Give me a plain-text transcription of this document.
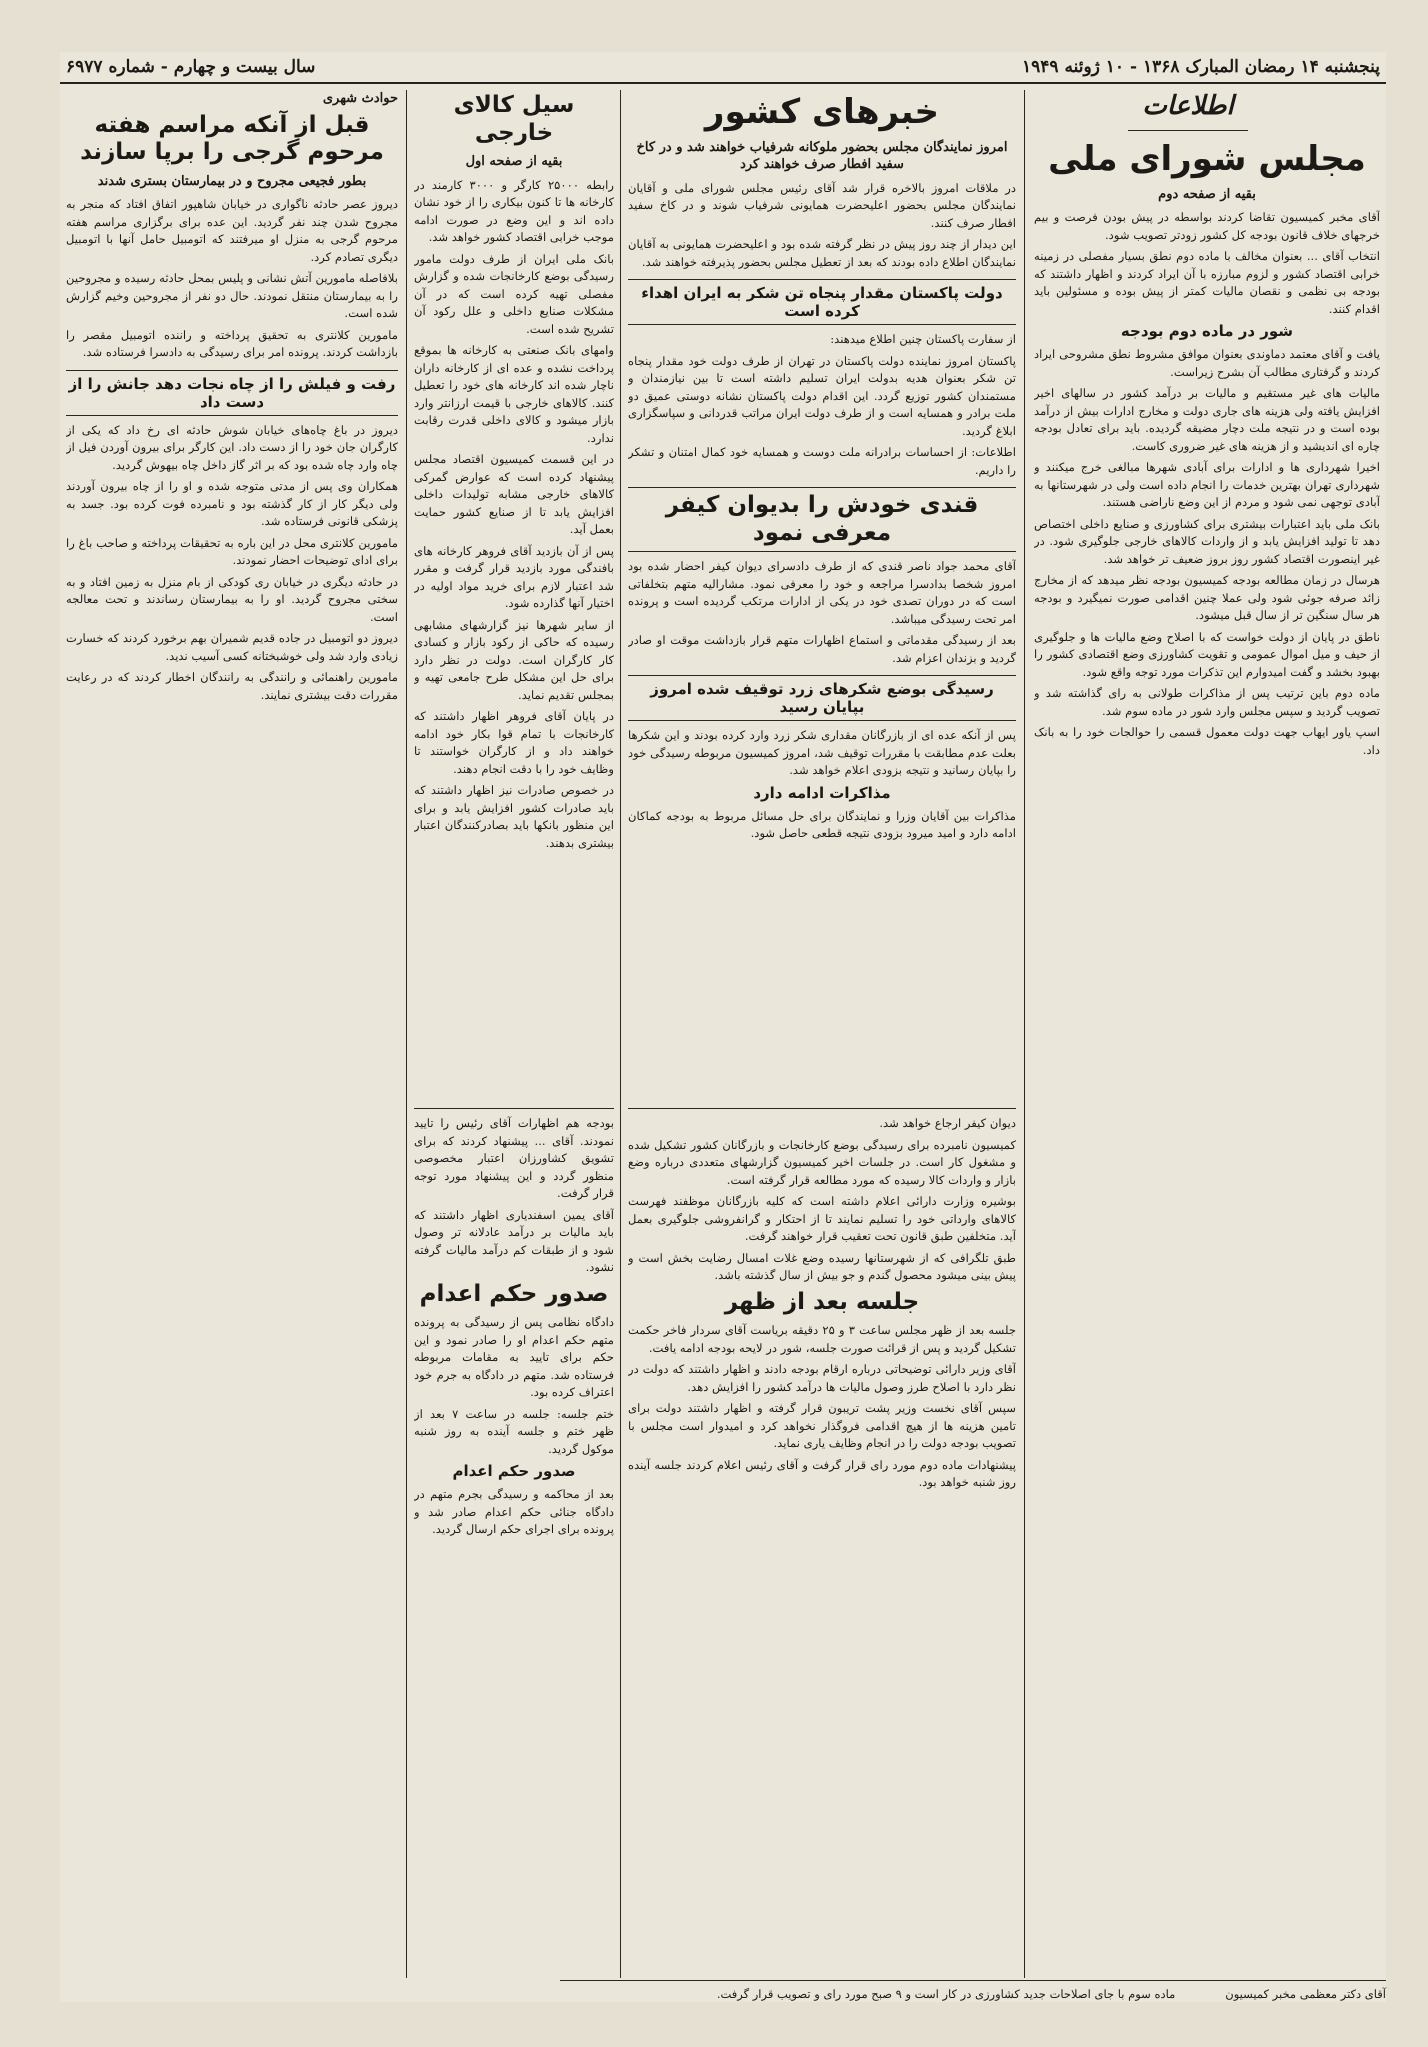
پنجشنبه ۱۴ رمضان المبارک ۱۳۶۸ - ۱۰ ژوئنه ۱۹۴۹
سال بیست و چهارم - شماره ۶۹۷۷
اطلاعات
مجلس شورای ملی
بقیه از صفحه دوم

آقای مخبر کمیسیون تقاضا کردند بواسطه در پیش بودن فرصت و بیم خرجهای خلاف قانون بودجه کل کشور زودتر تصویب شود.

انتخاب آقای ... بعنوان مخالف با ماده دوم نطق بسیار مفصلی در زمینه خرابی اقتصاد کشور و لزوم مبارزه با آن ایراد کردند و اظهار داشتند که بودجه بی نظمی و نقصان مالیات کمتر از پیش بوده و مسئولین باید اقدام کنند.

شور در ماده دوم بودجه

یافت و آقای معتمد دماوندی بعنوان موافق مشروط نطق مشروحی ایراد کردند و گرفتاری مطالب آن بشرح زیراست.

مالیات های غیر مستقیم و مالیات بر درآمد کشور در سالهای اخیر افزایش یافته ولی هزینه های جاری دولت و مخارج ادارات بیش از درآمد بوده است و در نتیجه ملت دچار مضیقه گردیده. باید برای تعادل بودجه چاره ای اندیشید و از هزینه های غیر ضروری کاست.

اخیرا شهرداری ها و ادارات برای آبادی شهرها مبالغی خرج میکنند و شهرداری تهران بهترین خدمات را انجام داده است ولی در شهرستانها به آبادی توجهی نمی شود و مردم از این وضع ناراضی هستند.

بانک ملی باید اعتبارات بیشتری برای کشاورزی و صنایع داخلی اختصاص دهد تا تولید افزایش یابد و از واردات کالاهای خارجی جلوگیری شود. در غیر اینصورت اقتصاد کشور روز بروز ضعیف تر خواهد شد.

هرسال در زمان مطالعه بودجه کمیسیون بودجه نظر میدهد که از مخارج زائد صرفه جوئی شود ولی عملا چنین اقدامی صورت نمیگیرد و بودجه هر سال سنگین تر از سال قبل میشود.

ناطق در پایان از دولت خواست که با اصلاح وضع مالیات ها و جلوگیری از حیف و میل اموال عمومی و تقویت کشاورزی وضع اقتصادی کشور را بهبود بخشد و گفت امیدوارم این تذکرات مورد توجه واقع شود.

ماده دوم باین ترتیب پس از مذاکرات طولانی به رای گذاشته شد و تصویب گردید و سپس مجلس وارد شور در ماده سوم شد.

اسپ یاور ایهاب جهت دولت معمول قسمی را حوالجات خود را به بانک داد.

خبرهای کشور
امروز نمایندگان مجلس بحضور ملوکانه شرفیاب خواهند شد و در کاخ سفید افطار صرف خواهند کرد

در ملاقات امروز بالاخره قرار شد آقای رئیس مجلس شورای ملی و آقایان نمایندگان مجلس بحضور اعلیحضرت همایونی شرفیاب شوند و در کاخ سفید افطار صرف کنند.

این دیدار از چند روز پیش در نظر گرفته شده بود و اعلیحضرت همایونی به آقایان نمایندگان اطلاع داده بودند که بعد از تعطیل مجلس بحضور پذیرفته خواهند شد.

دولت پاکستان مقدار پنجاه تن شکر به ایران اهداء کرده است

از سفارت پاکستان چنین اطلاع میدهند:

پاکستان امروز نماینده دولت پاکستان در تهران از طرف دولت خود مقدار پنجاه تن شکر بعنوان هدیه بدولت ایران تسلیم داشته است تا بین نیازمندان و مستمندان کشور توزیع گردد. این اقدام دولت پاکستان نشانه دوستی عمیق دو ملت برادر و همسایه است و از طرف دولت ایران مراتب قدردانی و سپاسگزاری ابلاغ گردید.

اطلاعات: از احساسات برادرانه ملت دوست و همسایه خود کمال امتنان و تشکر را داریم.

قندی خودش را بدیوان کیفر معرفی نمود

آقای محمد جواد ناصر قندی که از طرف دادسرای دیوان کیفر احضار شده بود امروز شخصا بدادسرا مراجعه و خود را معرفی نمود. مشارالیه متهم بتخلفاتی است که در دوران تصدی خود در یکی از ادارات مرتکب گردیده است و پرونده امر تحت رسیدگی میباشد.

بعد از رسیدگی مقدماتی و استماع اظهارات متهم قرار بازداشت موقت او صادر گردید و بزندان اعزام شد.

رسیدگی بوضع شکرهای زرد توقیف شده امروز بپایان رسید

پس از آنکه عده ای از بازرگانان مقداری شکر زرد وارد کرده بودند و این شکرها بعلت عدم مطابقت با مقررات توقیف شد، امروز کمیسیون مربوطه رسیدگی خود را بپایان رسانید و نتیجه بزودی اعلام خواهد شد.

مذاکرات ادامه دارد

مذاکرات بین آقایان وزرا و نمایندگان برای حل مسائل مربوط به بودجه کماکان ادامه دارد و امید میرود بزودی نتیجه قطعی حاصل شود.

دیوان کیفر ارجاع خواهد شد.

کمیسیون نامبرده برای رسیدگی بوضع کارخانجات و بازرگانان کشور تشکیل شده و مشغول کار است. در جلسات اخیر کمیسیون گزارشهای متعددی درباره وضع بازار و واردات کالا رسیده که مورد مطالعه قرار گرفته است.

بوشیره وزارت دارائی اعلام داشته است که کلیه بازرگانان موظفند فهرست کالاهای وارداتی خود را تسلیم نمایند تا از احتکار و گرانفروشی جلوگیری بعمل آید. متخلفین طبق قانون تحت تعقیب قرار خواهند گرفت.

طبق تلگرافی که از شهرستانها رسیده وضع غلات امسال رضایت بخش است و پیش بینی میشود محصول گندم و جو بیش از سال گذشته باشد.

جلسه بعد از ظهر

جلسه بعد از ظهر مجلس ساعت ۳ و ۲۵ دقیقه بریاست آقای سردار فاخر حکمت تشکیل گردید و پس از قرائت صورت جلسه، شور در لایحه بودجه ادامه یافت.

آقای وزیر دارائی توضیحاتی درباره ارقام بودجه دادند و اظهار داشتند که دولت در نظر دارد با اصلاح طرز وصول مالیات ها درآمد کشور را افزایش دهد.

سپس آقای نخست وزیر پشت تریبون قرار گرفته و اظهار داشتند دولت برای تامین هزینه ها از هیچ اقدامی فروگذار نخواهد کرد و امیدوار است مجلس با تصویب بودجه دولت را در انجام وظایف یاری نماید.

پیشنهادات ماده دوم مورد رای قرار گرفت و آقای رئیس اعلام کردند جلسه آینده روز شنبه خواهد بود.

سیل کالای خارجی
بقیه از صفحه اول

رابطه ۲۵۰۰۰ کارگر و ۳۰۰۰ کارمند در کارخانه ها تا کنون بیکاری را از خود نشان داده اند و این وضع در صورت ادامه موجب خرابی اقتصاد کشور خواهد شد.

بانک ملی ایران از طرف دولت مامور رسیدگی بوضع کارخانجات شده و گزارش مفصلی تهیه کرده است که در آن مشکلات صنایع داخلی و علل رکود آن تشریح شده است.

وامهای بانک صنعتی به کارخانه ها بموقع پرداخت نشده و عده ای از کارخانه داران ناچار شده اند کارخانه های خود را تعطیل کنند. کالاهای خارجی با قیمت ارزانتر وارد بازار میشود و کالای داخلی قدرت رقابت ندارد.

در این قسمت کمیسیون اقتصاد مجلس پیشنهاد کرده است که عوارض گمرکی کالاهای خارجی مشابه تولیدات داخلی افزایش یابد تا از صنایع کشور حمایت بعمل آید.

پس از آن بازدید آقای فروهر کارخانه های بافندگی مورد بازدید قرار گرفت و مقرر شد اعتبار لازم برای خرید مواد اولیه در اختیار آنها گذارده شود.

از سایر شهرها نیز گزارشهای مشابهی رسیده که حاکی از رکود بازار و کسادی کار کارگران است. دولت در نظر دارد برای حل این مشکل طرح جامعی تهیه و بمجلس تقدیم نماید.

در پایان آقای فروهر اظهار داشتند که کارخانجات با تمام قوا بکار خود ادامه خواهند داد و از کارگران خواستند تا وظایف خود را با دقت انجام دهند.

در خصوص صادرات نیز اظهار داشتند که باید صادرات کشور افزایش یابد و برای این منظور بانکها باید بصادرکنندگان اعتبار بیشتری بدهند.

بودجه هم اظهارات آقای رئیس را تایید نمودند. آقای ... پیشنهاد کردند که برای تشویق کشاورزان اعتبار مخصوصی منظور گردد و این پیشنهاد مورد توجه قرار گرفت.

آقای یمین اسفندیاری اظهار داشتند که باید مالیات بر درآمد عادلانه تر وصول شود و از طبقات کم درآمد مالیات گرفته نشود.

صدور حکم اعدام

دادگاه نظامی پس از رسیدگی به پرونده متهم حکم اعدام او را صادر نمود و این حکم برای تایید به مقامات مربوطه فرستاده شد. متهم در دادگاه به جرم خود اعتراف کرده بود.

ختم جلسه: جلسه در ساعت ۷ بعد از ظهر ختم و جلسه آینده به روز شنبه موکول گردید.

صدور حکم اعدام

بعد از محاکمه و رسیدگی بجرم متهم در دادگاه جنائی حکم اعدام صادر شد و پرونده برای اجرای حکم ارسال گردید.

حوادث شهری
قبل از آنکه مراسم هفته مرحوم گرجی را برپا سازند
بطور فجیعی مجروح و در بیمارستان بستری شدند

دیروز عصر حادثه ناگواری در خیابان شاهپور اتفاق افتاد که منجر به مجروح شدن چند نفر گردید. این عده برای برگزاری مراسم هفته مرحوم گرجی به منزل او میرفتند که اتومبیل حامل آنها با اتومبیل دیگری تصادم کرد.

بلافاصله مامورین آتش نشانی و پلیس بمحل حادثه رسیده و مجروحین را به بیمارستان منتقل نمودند. حال دو نفر از مجروحین وخیم گزارش شده است.

مامورین کلانتری به تحقیق پرداخته و راننده اتومبیل مقصر را بازداشت کردند. پرونده امر برای رسیدگی به دادسرا فرستاده شد.

رفت و فیلش را از چاه نجات دهد جانش را از دست داد

دیروز در باغ چاه‌های خیابان شوش حادثه ای رخ داد که یکی از کارگران جان خود را از دست داد. این کارگر برای بیرون آوردن فیل از چاه وارد چاه شده بود که بر اثر گاز داخل چاه بیهوش گردید.

همکاران وی پس از مدتی متوجه شده و او را از چاه بیرون آوردند ولی دیگر کار از کار گذشته بود و نامبرده فوت کرده بود. جسد به پزشکی قانونی فرستاده شد.

مامورین کلانتری محل در این باره به تحقیقات پرداخته و صاحب باغ را برای ادای توضیحات احضار نمودند.

در حادثه دیگری در خیابان ری کودکی از بام منزل به زمین افتاد و به سختی مجروح گردید. او را به بیمارستان رساندند و تحت معالجه است.

دیروز دو اتومبیل در جاده قدیم شمیران بهم برخورد کردند که خسارت زیادی وارد شد ولی خوشبختانه کسی آسیب ندید.

مامورین راهنمائی و رانندگی به رانندگان اخطار کردند که در رعایت مقررات دقت بیشتری نمایند.

آقای دکتر معظمی مخبر کمیسیون
ماده سوم با جای اصلاحات جدید کشاورزی در کار است و ۹ صبح مورد رای و تصویب قرار گرفت.
